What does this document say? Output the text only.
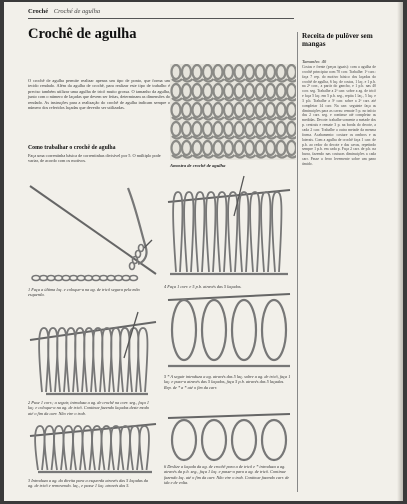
Croché Croché de agulha
Crochê de agulha

O crochê de agulha permite realizar apenas um tipo de ponto, que forma um tecido rendado. Além da agulha de crochê, para realizar este tipo de trabalho é preciso também utilizar uma agulha de tricô muito grossa. O tamanho da agulha, junto com o número de laçadas que devem ser feitas, determinam as dimensões do rendado. As instruções para a realização do crochê de agulha indicam sempre o número dos referidos laçadas que deverão ser utilizadas.

Amostra de crochê de agulha
Como trabalhar o crochê de agulha

Faça uma correntinha básica de correntinhas divisível por 5. O múltiplo pode variar, de acordo com os motivos.

1 Faça a última laç. e coloque-a na ag. de tricô segura pela mão esquerda.

2 Puxe 1 corr.; a seguir, introduza a ag. de crochê na corr. seg., faça 1 laç. e coloque-a na ag. de tricô. Continue fazendo laçadas deste modo até o fim da carr. Não vire o trab.

3 Introduza a ag. da direita para a esquerda através das 5 laçadas da ag. de tricô e removendo. laç., e passe 1 laç. através das 5.

4 Faça 1 corr. e 5 p.b. através das 5 laçadas.

5 * A seguir introduza a ag. através das 5 laç. sobre a ag. de tricô, faça 1 laç. e puxe-a através das 5 laçadas, faça 5 p.b. através das 5 laçadas. Rep. de * a * até o fim da carr.

6 Deslize a laçada da ag. de crochê para a de tricô e * introduza a ag. através da p.b. seg., faça 1 laç. e passe-a para a ag. de tricô. Continue fazendo laç. até o fim da carr. Não vire o trab. Continue fazendo carr. de ida e de volta.

Receita de pulôver sem mangas
Tamanho: 40

Costas e frente (peças iguais): com a agulha de crochê principiar com 70 corr. Trabalhe: 1ª carr.: faça 7 rep. do motivo básico dos laçadas do crochê de agulha, 6 laç. de costas, 1 laç. e 1 p.b. na 2ª corr., a partir do gancho, e 1 p.b. nas 40 corr. seg. Trabalhe a 2ª carr. sobre a ag. de tricô e faça 5 laç. em 5 p.b. seg., repita 1 laç., 5 laç. e 3 p.b. Trabalhe a 3ª carr. sobre a 2ª carr. até completar 14 carr. Na carr. seguinte faça as diminuições para as cavas: remate 5 p. no início das 2 carr. seg. e continue até completar as medidas. Decote: trabalhe somente a metade dos p. centrais e remate 3 p. na borda do decote, a cada 2 carr. Trabalhe a outra metade da mesma forma. Acabamento: costure os ombros e as laterais. Com a agulha de crochê faça 1 carr. de p.b. ao redor do decote e das cavas, repetindo sempre 1 p.b. em cada p. Faça 2 carr. de p.b. na barra, fazendo nas costuras diminuições a cada carr. Passe a ferro levemente sobre um pano úmido.
